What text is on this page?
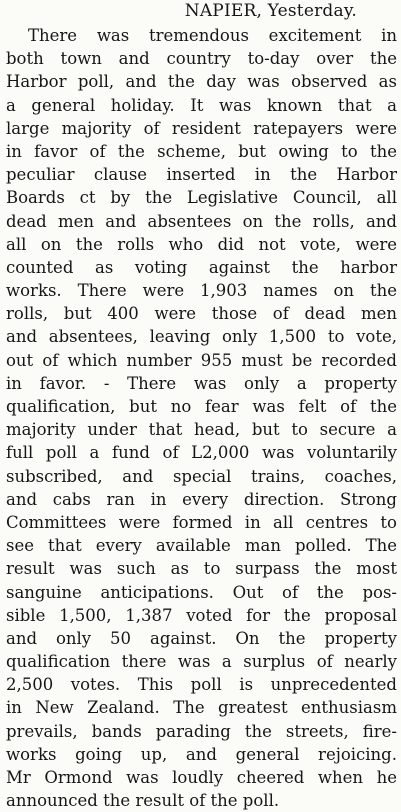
NAPIER, Yesterday.
There was tremendous excitement in
both town and country to-day over the
Harbor poll, and the day was observed as
a general holiday. It was known that a
large majority of resident ratepayers were
in favor of the scheme, but owing to the
peculiar clause inserted in the Harbor
Boards ct by the Legislative Council, all
dead men and absentees on the rolls, and
all on the rolls who did not vote, were
counted as voting against the harbor
works. There were 1,903 names on the
rolls, but 400 were those of dead men
and absentees, leaving only 1,500 to vote,
out of which number 955 must be recorded
in favor. - There was only a property
qualification, but no fear was felt of the
majority under that head, but to secure a
full poll a fund of L2,000 was voluntarily
subscribed, and special trains, coaches,
and cabs ran in every direction. Strong
Committees were formed in all centres to
see that every available man polled. The
result was such as to surpass the most
sanguine anticipations. Out of the pos-
sible 1,500, 1,387 voted for the proposal
and only 50 against. On the property
qualification there was a surplus of nearly
2,500 votes. This poll is unprecedented
in New Zealand. The greatest enthusiasm
prevails, bands parading the streets, fire-
works going up, and general rejoicing.
Mr Ormond was loudly cheered when he
announced the result of the poll.
